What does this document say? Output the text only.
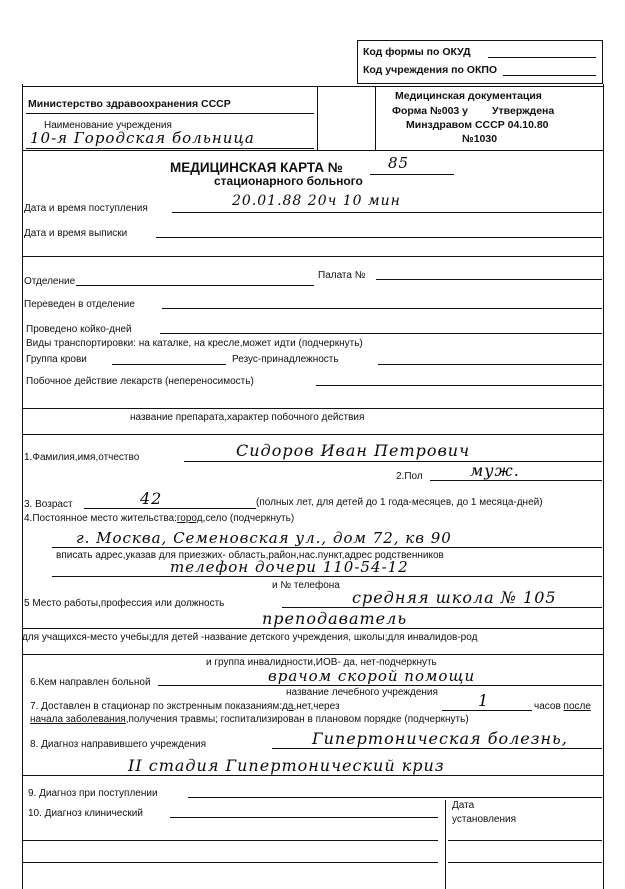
Код формы по ОКУД
Код учреждения по ОКПО
Министерство здравоохранения СССР
Наименование учреждения
10-я Городская больница
Медицинская документация
Форма №003 у Утверждена
Минздравом СССР 04.10.80
№1030
МЕДИЦИНСКАЯ КАРТА №	85
стационарного больного
Дата и время поступления	20.01.88 20ч 10 мин
Дата и время выписки
Отделение
Палата №
Переведен в отделение
Проведено койко-дней
Виды транспортировки: на каталке, на кресле,может идти (подчеркнуть)
Группа крови	Резус-принадлежность
Побочное действие лекарств (непереносимость)
название препарата,характер побочного действия
1.Фамилия,имя,отчество	Сидоров Иван Петрович
2.Пол	муж.
3. Возраст	42	(полных лет, для детей до 1 года-месяцев, до 1 месяца-дней)
4.Постоянное место жительства:город,село (подчеркнуть)
г. Москва, Семеновская ул., дом 72, кв 90
вписать адрес,указав для приезжих- область,район,нас.пункт,адрес родственников
телефон дочери 110-54-12
и № телефона
5 Место работы,профессия или должность	средняя школа № 105
преподаватель
для учащихся-место учебы;для детей -название детского учреждения, школы;для инвалидов-род
и группа инвалидности,ИОВ- да, нет-подчеркнуть
6.Кем направлен больной	врачом скорой помощи
название лечебного учреждения
7. Доставлен в стационар по экстренным показаниям:да,нет,через	1	часов после
начала заболевания,получения травмы; госпитализирован в плановом порядке (подчеркнуть)
8. Диагноз направившего учреждения	Гипертоническая болезнь,
II стадия Гипертонический криз
9. Диагноз при поступлении
10. Диагноз клинический
Дата
установления
